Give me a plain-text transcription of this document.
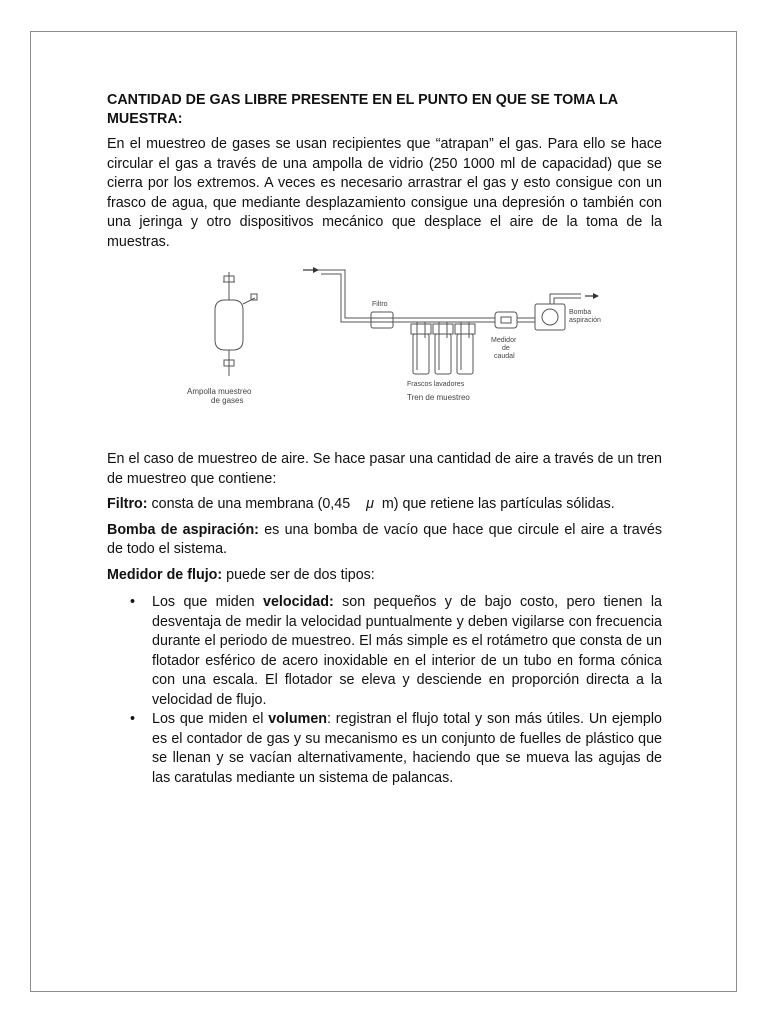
CANTIDAD DE GAS LIBRE PRESENTE EN EL PUNTO EN QUE SE TOMA LA MUESTRA:

En el muestreo de gases se usan recipientes que “atrapan” el gas. Para ello se hace circular el gas a través de una ampolla de vidrio (250 1000 ml de capacidad) que se cierra por los extremos. A veces es necesario arrastrar el gas y esto consigue con un frasco de agua, que mediante desplazamiento consigue una depresión o también con una jeringa y otro dispositivos mecánico que desplace el aire de la toma de la muestras.

Ampolla muestreo
de gases
Filtro
Frascos lavadores
Tren de muestreo
Medidor
de
caudal
Bomba
aspiración

En el caso de muestreo de aire. Se hace pasar una cantidad de aire a través de un tren de muestreo que contiene:

Filtro: consta de una membrana (0,45    μ  m) que retiene las partículas sólidas.

Bomba de aspiración: es una bomba de vacío que hace que circule el aire a través de todo el sistema.

Medidor de flujo: puede ser de dos tipos:

• Los que miden velocidad: son pequeños y de bajo costo, pero tienen la desventaja de medir la velocidad puntualmente y deben vigilarse con frecuencia durante el periodo de muestreo. El más simple es el rotámetro que consta de un flotador esférico de acero inoxidable en el interior de un tubo en forma cónica con una escala. El flotador se eleva y desciende en proporción directa a la velocidad de flujo.
• Los que miden el volumen: registran el flujo total y son más útiles. Un ejemplo es el contador de gas y su mecanismo es un conjunto de fuelles de plástico que se llenan y se vacían alternativamente, haciendo que se mueva las agujas de las caratulas mediante un sistema de palancas.
